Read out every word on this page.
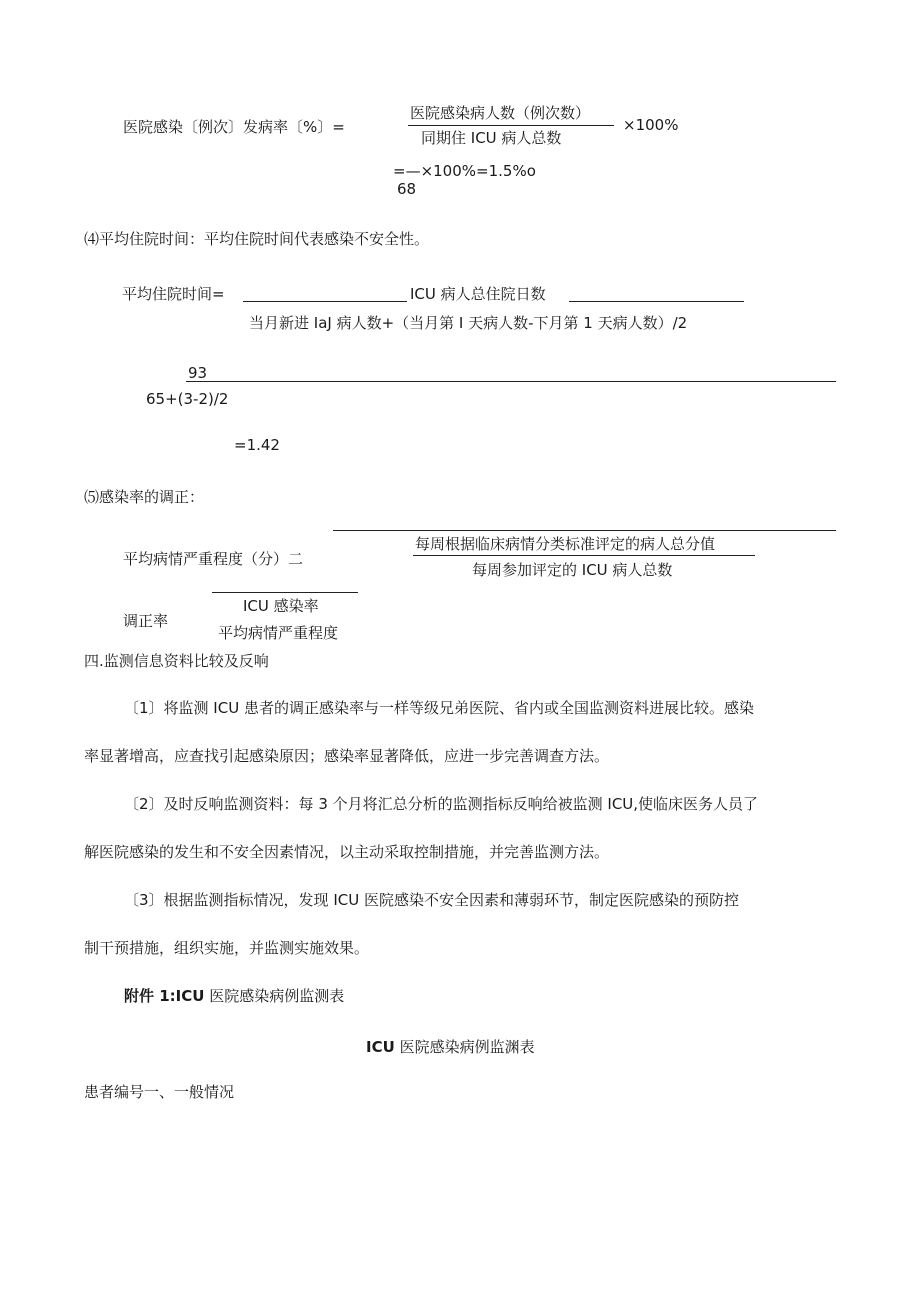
医院感染〔例次〕发病率〔%〕=
医院感染病人数（例次数）
同期住 ICU 病人总数
×100%
=—×100%=1.5%o
68
⑷平均住院时间：平均住院时间代表感染不安全性。
平均住院时间=	ICU 病人总住院日数
当月新进 IaJ 病人数+（当月第 I 天病人数-下月第 1 天病人数）/2
93
65+(3-2)/2
=1.42
⑸感染率的调正：
每周根据临床病情分类标准评定的病人总分值
平均病情严重程度（分）二
每周参加评定的 ICU 病人总数
ICU 感染率
调正率
平均病情严重程度
四.监测信息资料比较及反响
〔1〕将监测 ICU 患者的调正感染率与一样等级兄弟医院、省内或全国监测资料进展比较。感染
率显著增高，应查找引起感染原因；感染率显著降低，应进一步完善调查方法。
〔2〕及时反响监测资料：每 3 个月将汇总分析的监测指标反响给被监测 ICU,使临床医务人员了
解医院感染的发生和不安全因素情况，以主动采取控制措施，并完善监测方法。
〔3〕根据监测指标情况，发现 ICU 医院感染不安全因素和薄弱环节，制定医院感染的预防控
制干预措施，组织实施，并监测实施效果。
附件 1:ICU 医院感染病例监测表
ICU 医院感染病例监渊表
患者编号一、一般情况
